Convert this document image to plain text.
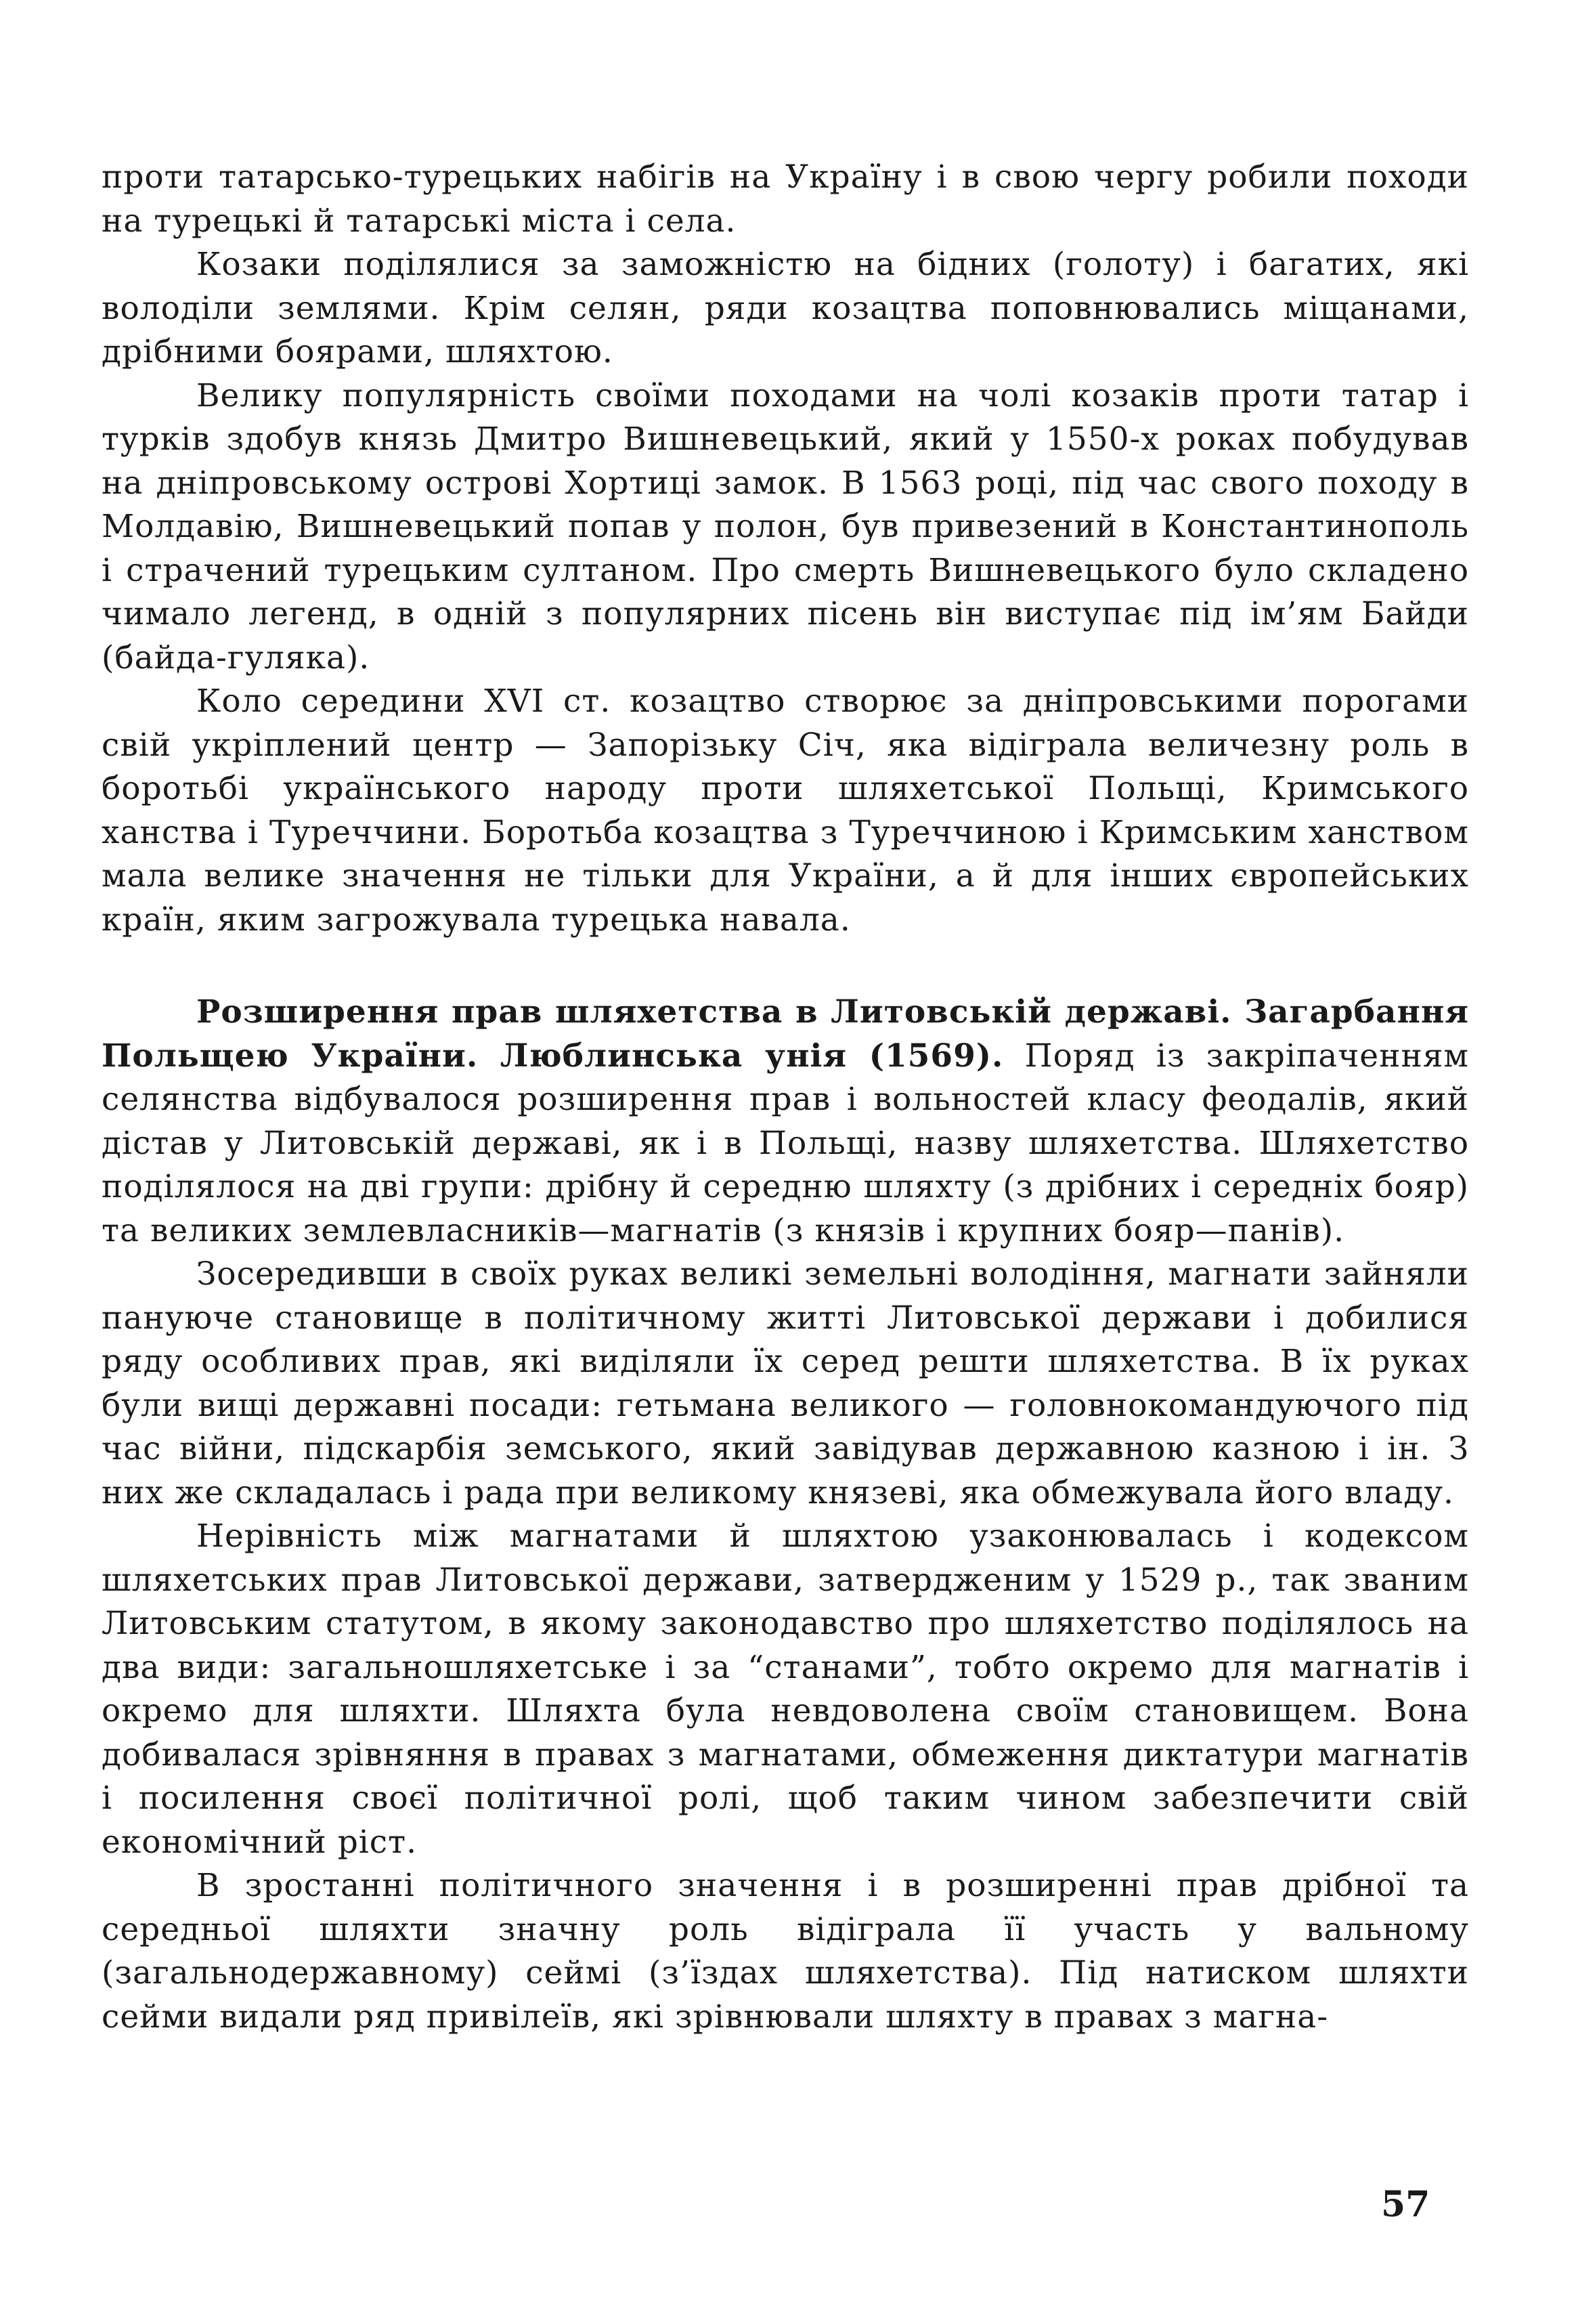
проти татарсько-турецьких набігів на Україну і в свою чергу робили походи на турецькі й татарські міста і села.

Козаки поділялися за заможністю на бідних (голоту) і багатих, які володіли землями. Крім селян, ряди козацтва поповнювались міщанами, дрібними боярами, шляхтою.

Велику популярність своїми походами на чолі козаків проти татар і турків здобув князь Дмитро Вишневецький, який у 1550-х роках побудував на дніпровському острові Хортиці замок. В 1563 році, під час свого походу в Молдавію, Вишневецький попав у полон, був привезений в Константинополь і страчений турецьким султаном. Про смерть Вишневецького було складено чимало легенд, в одній з популярних пісень він виступає під ім’ям Байди (байда-гуляка).

Коло середини XVI ст. козацтво створює за дніпровськими порогами свій укріплений центр — Запорізьку Січ, яка відіграла величезну роль в боротьбі українського народу проти шляхетської Польщі, Кримського ханства і Туреччини. Боротьба козацтва з Туреччиною і Кримським ханством мала велике значення не тільки для України, а й для інших європейських країн, яким загрожувала турецька навала.

Розширення прав шляхетства в Литовській державі. Загарбання Польщею України. Люблинська унія (1569). Поряд із закріпаченням селянства відбувалося розширення прав і вольностей класу феодалів, який дістав у Литовській державі, як і в Польщі, назву шляхетства. Шляхетство поділялося на дві групи: дрібну й середню шляхту (з дрібних і середніх бояр) та великих землевласників—магнатів (з князів і крупних бояр—панів).

Зосередивши в своїх руках великі земельні володіння, магнати зайняли пануюче становище в політичному житті Литовської держави і добилися ряду особливих прав, які виділяли їх серед решти шляхетства. В їх руках були вищі державні посади: гетьмана великого — головнокомандуючого під час війни, підскарбія земського, який завідував державною казною і ін. З них же складалась і рада при великому князеві, яка обмежувала його владу.

Нерівність між магнатами й шляхтою узаконювалась і кодексом шляхетських прав Литовської держави, затвердженим у 1529 р., так званим Литовським статутом, в якому законодавство про шляхетство поділялось на два види: загальношляхетське і за “станами”, тобто окремо для магнатів і окремо для шляхти. Шляхта була невдоволена своїм становищем. Вона добивалася зрівняння в правах з магнатами, обмеження диктатури магнатів і посилення своєї політичної ролі, щоб таким чином забезпечити свій економічний ріст.

В зростанні політичного значення і в розширенні прав дрібної та середньої шляхти значну роль відіграла її участь у вальному (загальнодержавному) сеймі (з’їздах шляхетства). Під натиском шляхти сейми видали ряд привілеїв, які зрівнювали шляхту в правах з магна-

57
